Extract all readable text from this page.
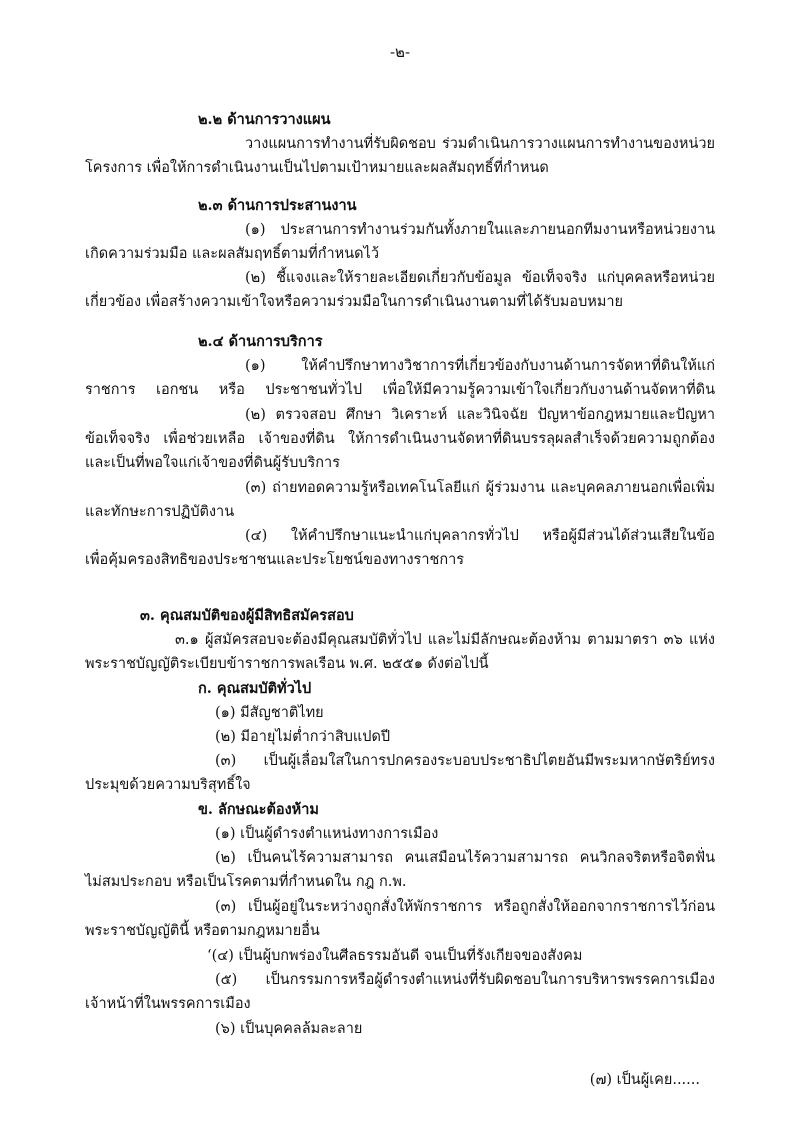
-๒-
๒.๒ ด้านการวางแผน
วางแผนการทำงานที่รับผิดชอบ ร่วมดำเนินการวางแผนการทำงานของหน่วย
โครงการ เพื่อให้การดำเนินงานเป็นไปตามเป้าหมายและผลสัมฤทธิ์ที่กำหนด
๒.๓ ด้านการประสานงาน
(๑) ประสานการทำงานร่วมกันทั้งภายในและภายนอกทีมงานหรือหน่วยงาน
เกิดความร่วมมือ และผลสัมฤทธิ์ตามที่กำหนดไว้
(๒) ชี้แจงและให้รายละเอียดเกี่ยวกับข้อมูล ข้อเท็จจริง แก่บุคคลหรือหน่วย
เกี่ยวข้อง เพื่อสร้างความเข้าใจหรือความร่วมมือในการดำเนินงานตามที่ได้รับมอบหมาย
๒.๔ ด้านการบริการ
(๑) ให้คำปรึกษาทางวิชาการที่เกี่ยวข้องกับงานด้านการจัดหาที่ดินให้แก่
ราชการ เอกชน หรือ ประชาชนทั่วไป เพื่อให้มีความรู้ความเข้าใจเกี่ยวกับงานด้านจัดหาที่ดิน
(๒) ตรวจสอบ ศึกษา วิเคราะห์ และวินิจฉัย ปัญหาข้อกฎหมายและปัญหา
ข้อเท็จจริง เพื่อช่วยเหลือ เจ้าของที่ดิน ให้การดำเนินงานจัดหาที่ดินบรรลุผลสำเร็จด้วยความถูกต้อง
และเป็นที่พอใจแก่เจ้าของที่ดินผู้รับบริการ
(๓) ถ่ายทอดความรู้หรือเทคโนโลยีแก่ ผู้ร่วมงาน และบุคคลภายนอกเพื่อเพิ่ม
และทักษะการปฏิบัติงาน
(๔) ให้คำปรึกษาแนะนำแก่บุคลากรทั่วไป หรือผู้มีส่วนได้ส่วนเสียในข้อ
เพื่อคุ้มครองสิทธิของประชาชนและประโยชน์ของทางราชการ
๓. คุณสมบัติของผู้มีสิทธิสมัครสอบ
๓.๑ ผู้สมัครสอบจะต้องมีคุณสมบัติทั่วไป และไม่มีลักษณะต้องห้าม ตามมาตรา ๓๖ แห่ง
พระราชบัญญัติระเบียบข้าราชการพลเรือน พ.ศ. ๒๕๕๑ ดังต่อไปนี้
ก. คุณสมบัติทั่วไป
(๑) มีสัญชาติไทย
(๒) มีอายุไม่ต่ำกว่าสิบแปดปี
(๓) เป็นผู้เลื่อมใสในการปกครองระบอบประชาธิปไตยอันมีพระมหากษัตริย์ทรง
ประมุขด้วยความบริสุทธิ์ใจ
ข. ลักษณะต้องห้าม
(๑) เป็นผู้ดำรงตำแหน่งทางการเมือง
(๒) เป็นคนไร้ความสามารถ คนเสมือนไร้ความสามารถ คนวิกลจริตหรือจิตฟั่น
ไม่สมประกอบ หรือเป็นโรคตามที่กำหนดใน กฎ ก.พ.
(๓) เป็นผู้อยู่ในระหว่างถูกสั่งให้พักราชการ หรือถูกสั่งให้ออกจากราชการไว้ก่อน
พระราชบัญญัตินี้ หรือตามกฎหมายอื่น
‘(๔) เป็นผู้บกพร่องในศีลธรรมอันดี จนเป็นที่รังเกียจของสังคม
(๕) เป็นกรรมการหรือผู้ดำรงตำแหน่งที่รับผิดชอบในการบริหารพรรคการเมือง
เจ้าหน้าที่ในพรรคการเมือง
(๖) เป็นบุคคลล้มละลาย
(๗) เป็นผู้เคย......
